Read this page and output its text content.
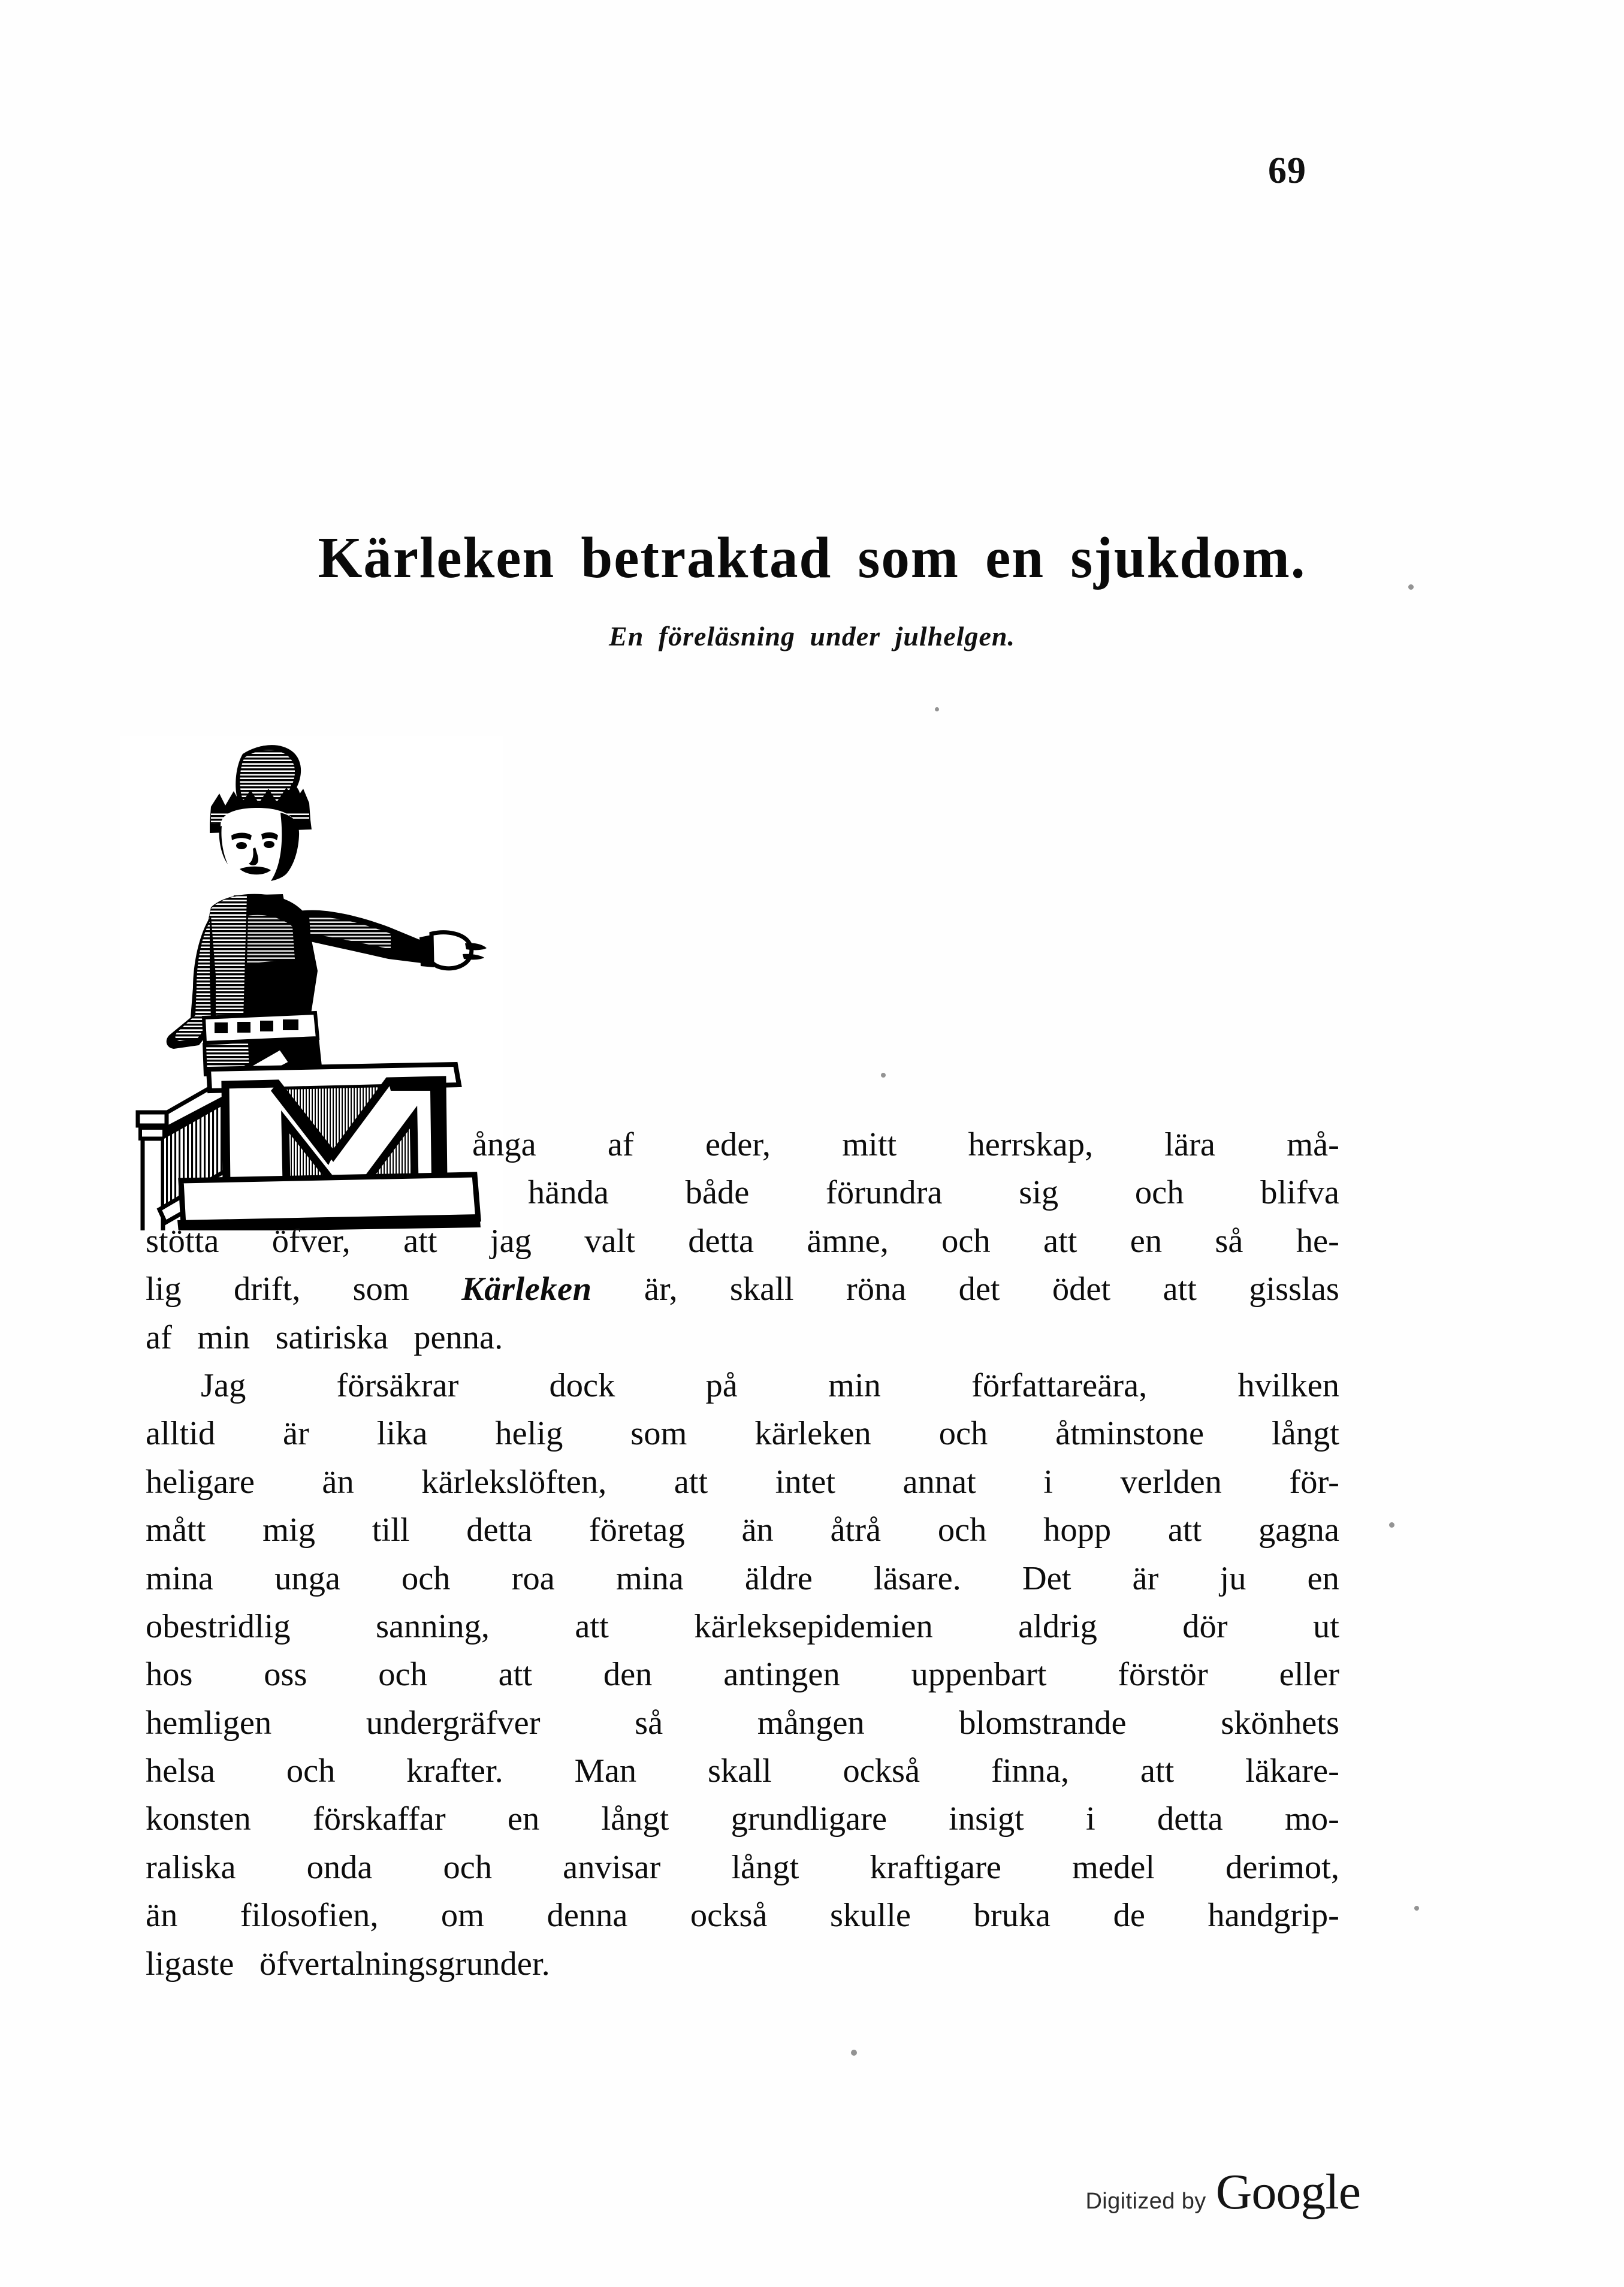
69
Kärleken betraktad som en sjukdom.
En föreläsning under julhelgen.
ånga af eder, mitt herrskap, lära må-
hända både förundra sig och blifva
stötta öfver, att jag valt detta ämne, och att en så he-
lig drift, som Kärleken är, skall röna det ödet att gisslas
af min satiriska penna.
Jag	försäkrar	dock	på	min	författareära,	hvilken
alltid är lika helig som kärleken och åtminstone långt
heligare än kärlekslöften, att intet annat i verlden för-
mått mig till detta företag än åtrå och hopp att gagna
mina unga och roa mina äldre läsare. Det är ju en
obestridlig	sanning,	att	kärleksepidemien	aldrig	dör	ut
hos oss och att den antingen uppenbart förstör eller
hemligen	undergräfver	så	mången	blomstrande	skönhets
helsa och krafter. Man skall också finna, att läkare-
konsten förskaffar en långt grundligare insigt i detta mo-
raliska onda och anvisar långt kraftigare medel derimot,
än filosofien, om denna också skulle bruka de handgrip-
ligaste öfvertalningsgrunder.
Digitized by Google
